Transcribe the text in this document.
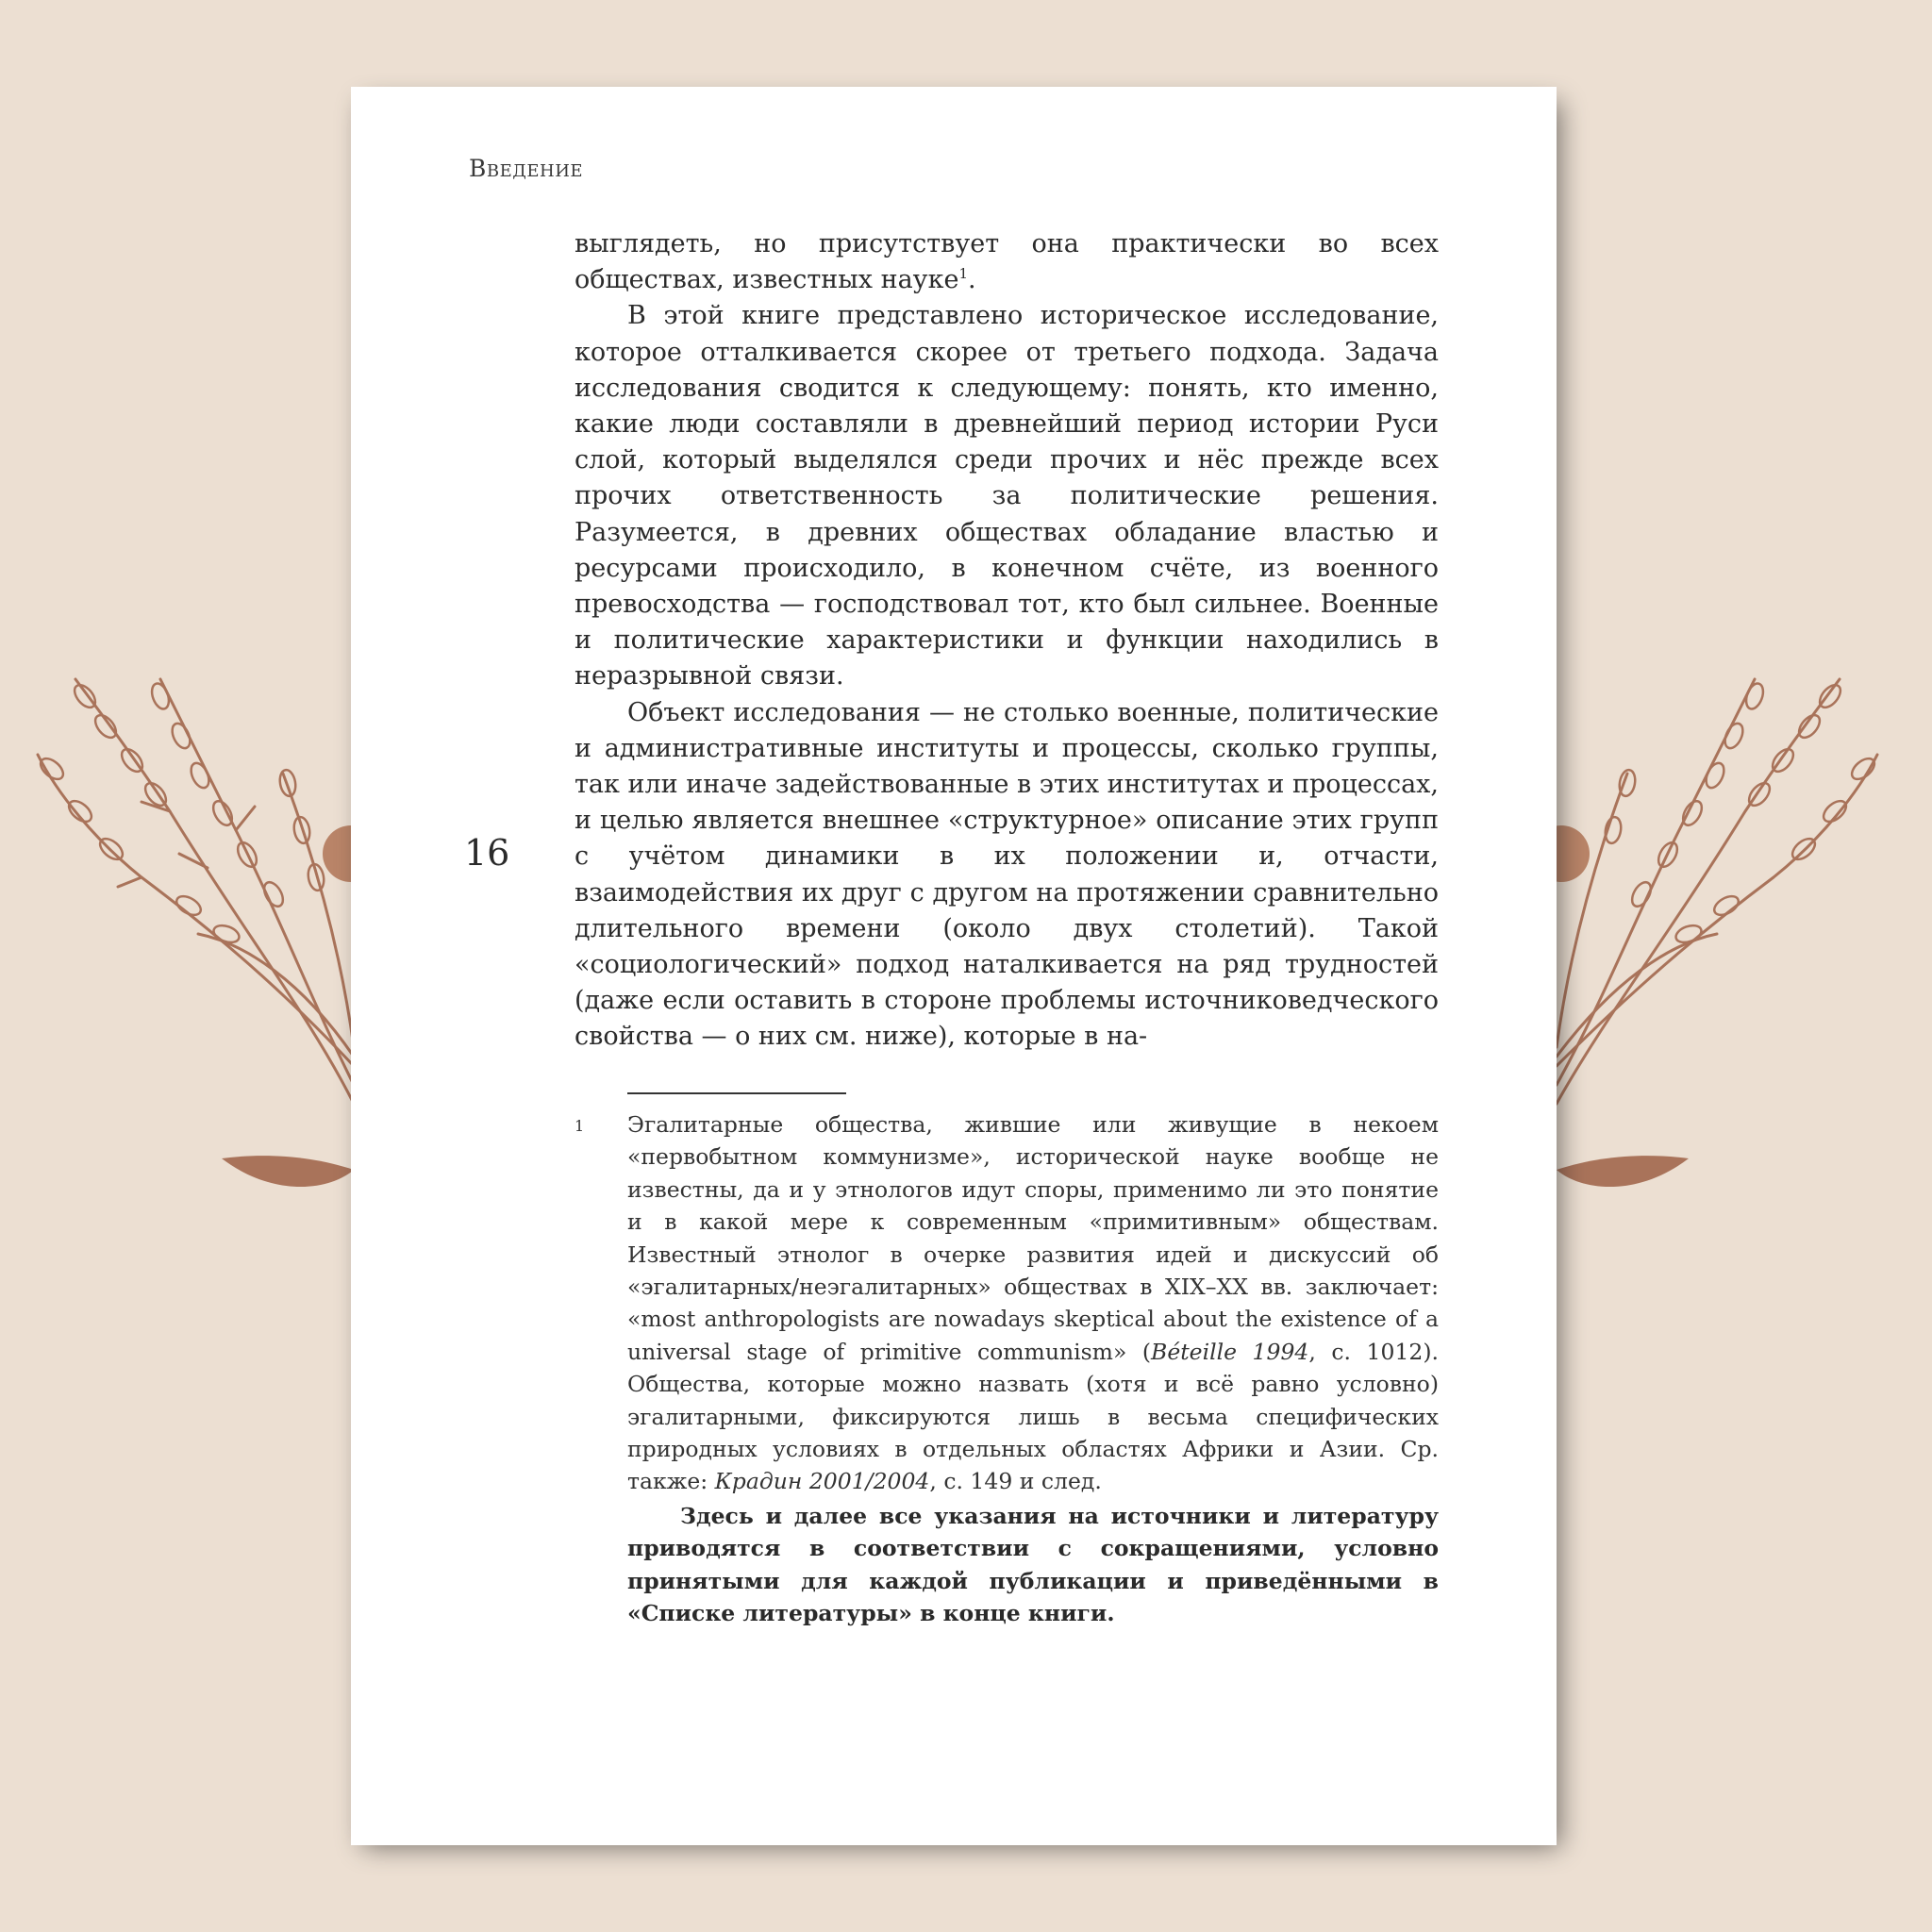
Введение
16

выглядеть, но присутствует она практически во всех обществах, известных науке$^1$.

В этой книге представлено историческое исследование, которое отталкивается скорее от третьего подхода. Задача исследования сводится к следующему: понять, кто именно, какие люди составляли в древнейший период истории Руси слой, который выделялся среди прочих и нёс прежде всех прочих ответственность за политические решения. Разумеется, в древних обществах обладание властью и ресурсами происходило, в конечном счёте, из военного превосходства — господствовал тот, кто был сильнее. Военные и политические характеристики и функции находились в неразрывной связи.

Объект исследования — не столько военные, политические и административные институты и процессы, сколько группы, так или иначе задействованные в этих институтах и процессах, и целью является внешнее «структурное» описание этих групп с учётом динамики в их положении и, отчасти, взаимодействия их друг с другом на протяжении сравнительно длительного времени (около двух столетий). Такой «социологический» подход наталкивается на ряд трудностей (даже если оставить в стороне проблемы источниковедческого свойства — о них см. ниже), которые в на-

1 Эгалитарные общества, жившие или живущие в некоем «первобытном коммунизме», исторической науке вообще не известны, да и у этнологов идут споры, применимо ли это понятие и в какой мере к современным «примитивным» обществам. Известный этнолог в очерке развития идей и дискуссий об «эгалитарных/неэгалитарных» обществах в XIX–XX вв. заключает: «most anthropologists are nowadays skeptical about the existence of a universal stage of primitive communism» (Béteille 1994, с. 1012). Общества, которые можно назвать (хотя и всё равно условно) эгалитарными, фиксируются лишь в весьма специфических природных условиях в отдельных областях Африки и Азии. Ср. также: Крадин 2001/2004, с. 149 и след.

Здесь и далее все указания на источники и литературу приводятся в соответствии с сокращениями, условно принятыми для каждой публикации и приведёнными в «Списке литературы» в конце книги.
